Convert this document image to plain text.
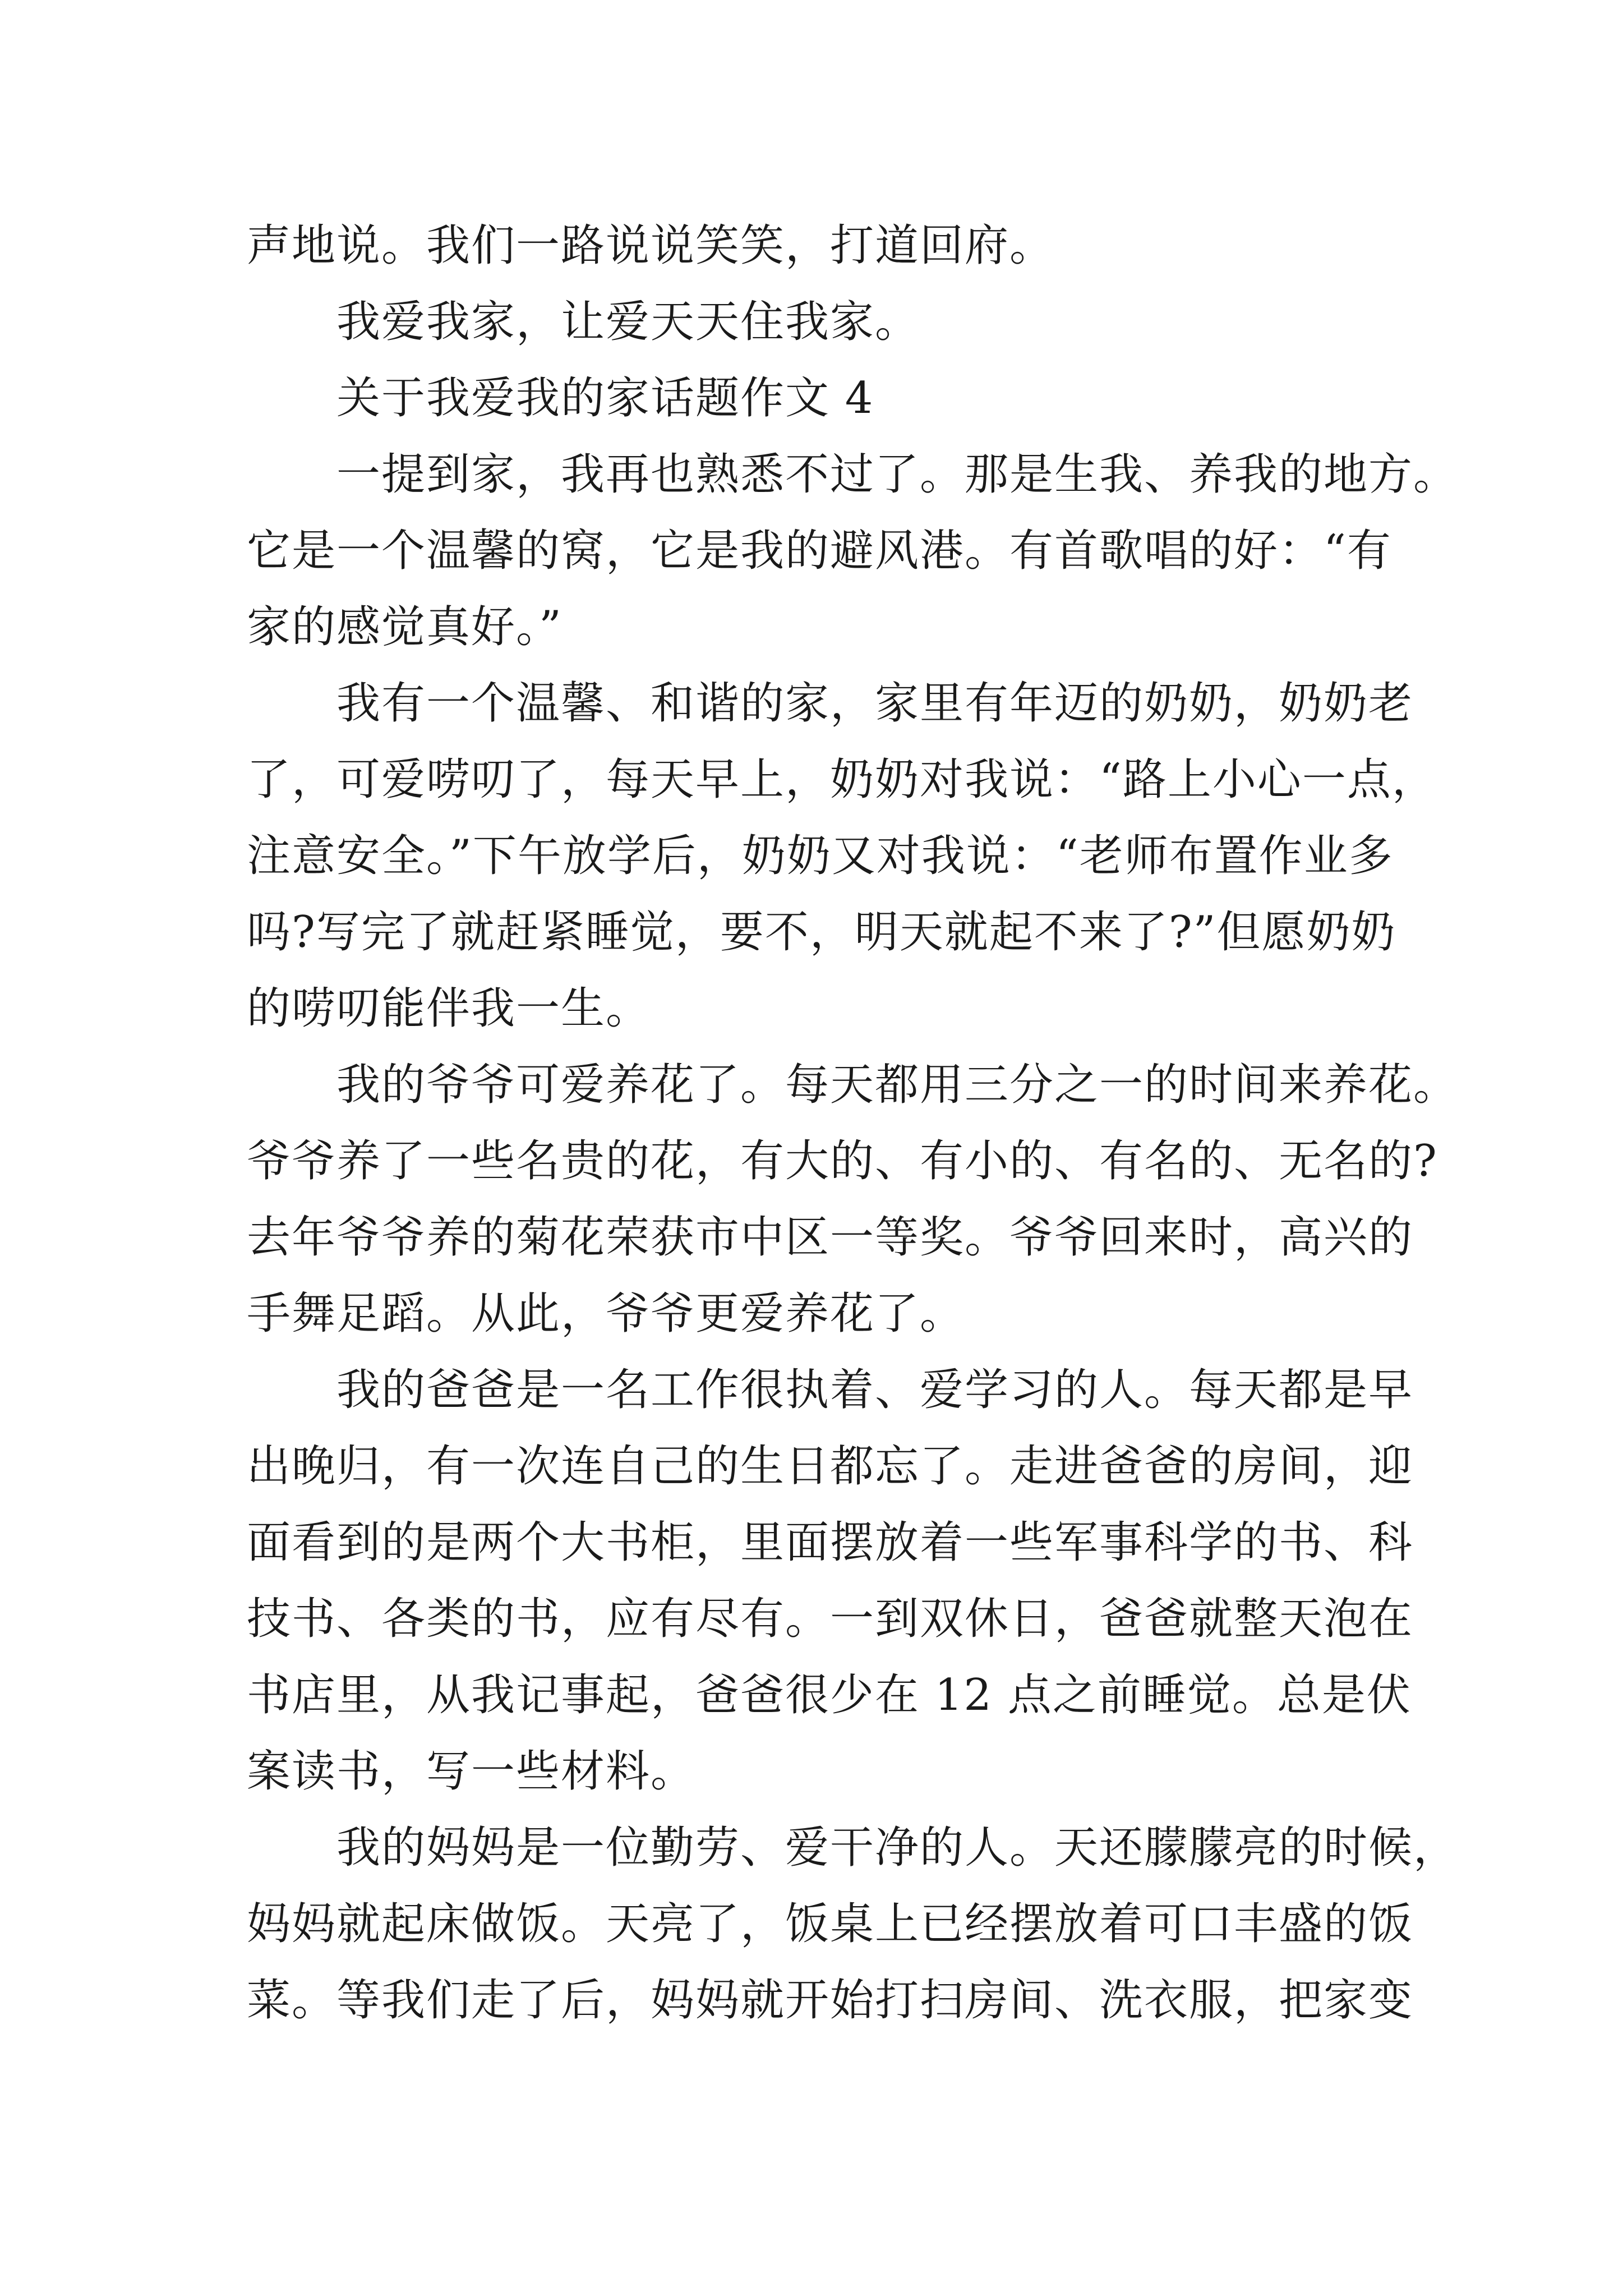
声地说。我们一路说说笑笑，打道回府。
我爱我家，让爱天天住我家。
关于我爱我的家话题作文 4
一提到家，我再也熟悉不过了。那是生我、养我的地方。
它是一个温馨的窝，它是我的避风港。有首歌唱的好：“有
家的感觉真好。”
我有一个温馨、和谐的家，家里有年迈的奶奶，奶奶老
了，可爱唠叨了，每天早上，奶奶对我说：“路上小心一点，
注意安全。”下午放学后，奶奶又对我说：“老师布置作业多
吗?写完了就赶紧睡觉，要不，明天就起不来了?”但愿奶奶
的唠叨能伴我一生。
我的爷爷可爱养花了。每天都用三分之一的时间来养花。
爷爷养了一些名贵的花，有大的、有小的、有名的、无名的?
去年爷爷养的菊花荣获市中区一等奖。爷爷回来时，高兴的
手舞足蹈。从此，爷爷更爱养花了。
我的爸爸是一名工作很执着、爱学习的人。每天都是早
出晚归，有一次连自己的生日都忘了。走进爸爸的房间，迎
面看到的是两个大书柜，里面摆放着一些军事科学的书、科
技书、各类的书，应有尽有。一到双休日，爸爸就整天泡在
书店里，从我记事起，爸爸很少在 12 点之前睡觉。总是伏
案读书，写一些材料。
我的妈妈是一位勤劳、爱干净的人。天还朦朦亮的时候，
妈妈就起床做饭。天亮了，饭桌上已经摆放着可口丰盛的饭
菜。等我们走了后，妈妈就开始打扫房间、洗衣服，把家变
